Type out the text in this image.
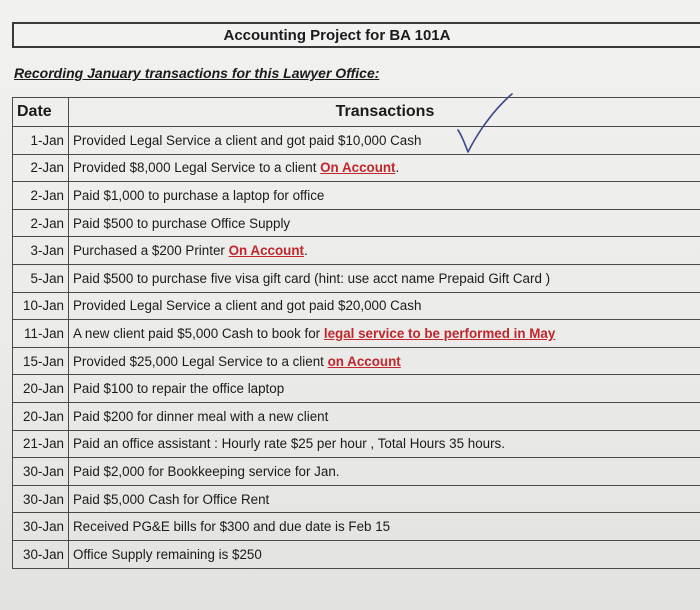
Accounting Project for BA 101A
Recording January transactions for this Lawyer Office:
Date	Transactions
1-Jan	Provided Legal Service a client and got paid $10,000 Cash
2-Jan	Provided $8,000 Legal Service to a client On Account.
2-Jan	Paid $1,000 to purchase a laptop for office
2-Jan	Paid $500 to purchase Office Supply
3-Jan	Purchased a $200 Printer On Account.
5-Jan	Paid $500 to purchase five visa gift card (hint: use acct name Prepaid Gift Card )
10-Jan	Provided Legal Service a client and got paid $20,000 Cash
11-Jan	A new client paid $5,000 Cash to book for legal service to be performed in May
15-Jan	Provided $25,000 Legal Service to a client on Account
20-Jan	Paid $100 to repair the office laptop
20-Jan	Paid $200 for dinner meal with a new client
21-Jan	Paid an office assistant : Hourly rate $25 per hour , Total Hours 35 hours.
30-Jan	Paid $2,000 for Bookkeeping service for Jan.
30-Jan	Paid $5,000 Cash for Office Rent
30-Jan	Received PG&E bills for $300 and due date is Feb 15
30-Jan	Office Supply remaining is $250
